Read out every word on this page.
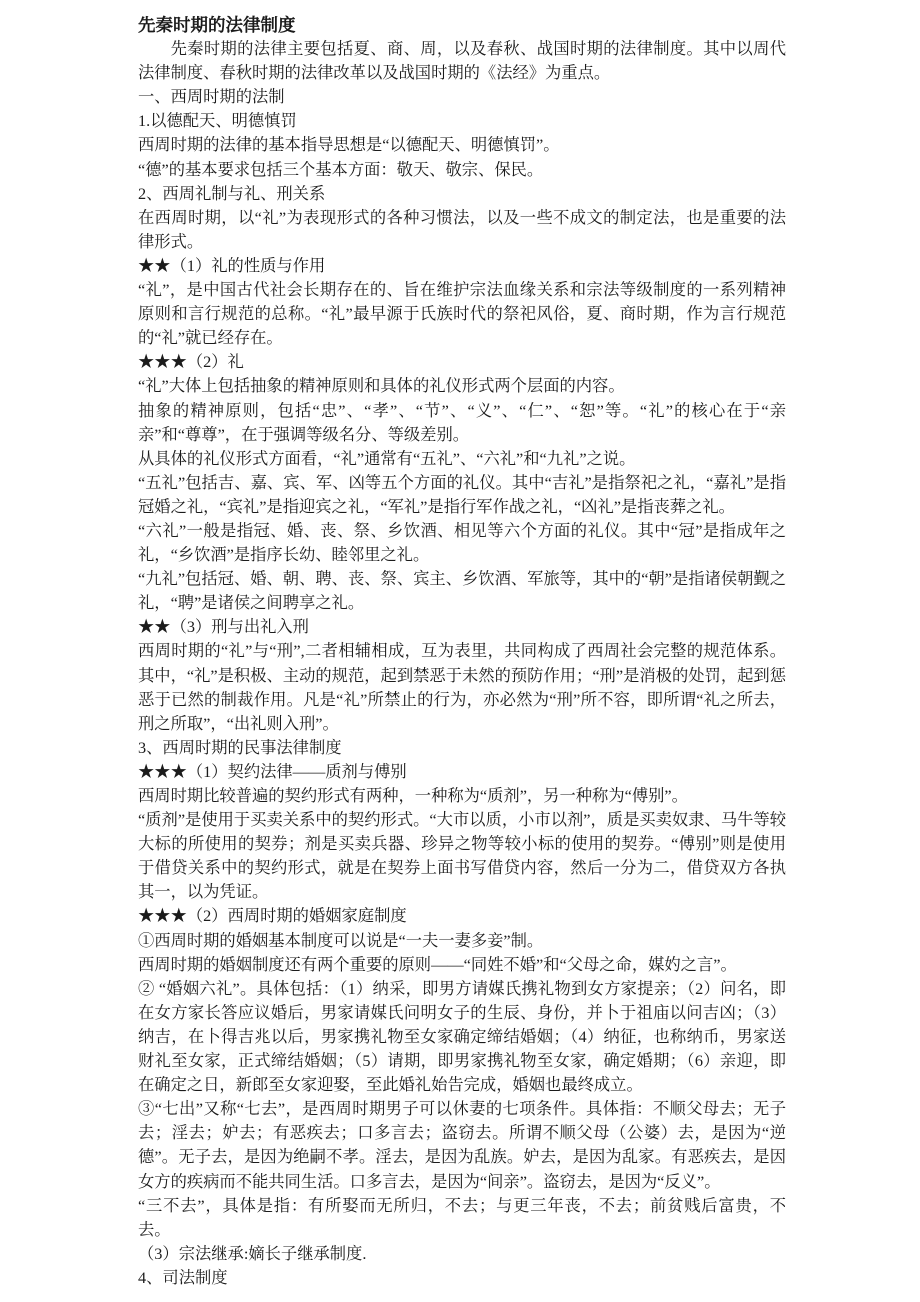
先秦时期的法律制度

先秦时期的法律主要包括夏、商、周，以及春秋、战国时期的法律制度。其中以周代法律制度、春秋时期的法律改革以及战国时期的《法经》为重点。

一、西周时期的法制

1.以德配天、明德慎罚

西周时期的法律的基本指导思想是“以德配天、明德慎罚”。

“德”的基本要求包括三个基本方面：敬天、敬宗、保民。

2、西周礼制与礼、刑关系

在西周时期，以“礼”为表现形式的各种习惯法，以及一些不成文的制定法，也是重要的法律形式。

★★（1）礼的性质与作用

“礼”，是中国古代社会长期存在的、旨在维护宗法血缘关系和宗法等级制度的一系列精神原则和言行规范的总称。“礼”最早源于氏族时代的祭祀风俗，夏、商时期，作为言行规范的“礼”就已经存在。

★★★（2）礼

“礼”大体上包括抽象的精神原则和具体的礼仪形式两个层面的内容。

抽象的精神原则，包括“忠”、“孝”、“节”、“义”、“仁”、“恕”等。“礼”的核心在于“亲亲”和“尊尊”，在于强调等级名分、等级差别。

从具体的礼仪形式方面看，“礼”通常有“五礼”、“六礼”和“九礼”之说。

“五礼”包括吉、嘉、宾、军、凶等五个方面的礼仪。其中“吉礼”是指祭祀之礼，“嘉礼”是指冠婚之礼，“宾礼”是指迎宾之礼，“军礼”是指行军作战之礼，“凶礼”是指丧葬之礼。

“六礼”一般是指冠、婚、丧、祭、乡饮酒、相见等六个方面的礼仪。其中“冠”是指成年之礼，“乡饮酒”是指序长幼、睦邻里之礼。

“九礼”包括冠、婚、朝、聘、丧、祭、宾主、乡饮酒、军旅等，其中的“朝”是指诸侯朝觐之礼，“聘”是诸侯之间聘享之礼。

★★（3）刑与出礼入刑

西周时期的“礼”与“刑”,二者相辅相成，互为表里，共同构成了西周社会完整的规范体系。其中，“礼”是积极、主动的规范，起到禁恶于未然的预防作用；“刑”是消极的处罚，起到惩恶于已然的制裁作用。凡是“礼”所禁止的行为，亦必然为“刑”所不容，即所谓“礼之所去，刑之所取”，“出礼则入刑”。

3、西周时期的民事法律制度

★★★（1）契约法律——质剂与傅别

西周时期比较普遍的契约形式有两种，一种称为“质剂”，另一种称为“傅别”。

“质剂”是使用于买卖关系中的契约形式。“大市以质，小市以剂”，质是买卖奴隶、马牛等较大标的所使用的契券；剂是买卖兵器、珍异之物等较小标的使用的契券。“傅别”则是使用于借贷关系中的契约形式，就是在契券上面书写借贷内容，然后一分为二，借贷双方各执其一，以为凭证。

★★★（2）西周时期的婚姻家庭制度

①西周时期的婚姻基本制度可以说是“一夫一妻多妾”制。

西周时期的婚姻制度还有两个重要的原则——“同姓不婚”和“父母之命，媒妁之言”。

② “婚姻六礼”。具体包括：（1）纳采，即男方请媒氏携礼物到女方家提亲；（2）问名，即在女方家长答应议婚后，男家请媒氏问明女子的生辰、身份，并卜于祖庙以问吉凶；（3）纳吉，在卜得吉兆以后，男家携礼物至女家确定缔结婚姻；（4）纳征，也称纳币，男家送财礼至女家，正式缔结婚姻；（5）请期，即男家携礼物至女家，确定婚期；（6）亲迎，即在确定之日，新郎至女家迎娶，至此婚礼始告完成，婚姻也最终成立。

③“七出”又称“七去”，是西周时期男子可以休妻的七项条件。具体指：不顺父母去；无子去；淫去；妒去；有恶疾去；口多言去；盗窃去。所谓不顺父母（公婆）去，是因为“逆德”。无子去，是因为绝嗣不孝。淫去，是因为乱族。妒去，是因为乱家。有恶疾去，是因女方的疾病而不能共同生活。口多言去，是因为“间亲”。盗窃去，是因为“反义”。

“三不去”，具体是指：有所娶而无所归，不去；与更三年丧，不去；前贫贱后富贵，不去。

（3）宗法继承:嫡长子继承制度.

4、司法制度
